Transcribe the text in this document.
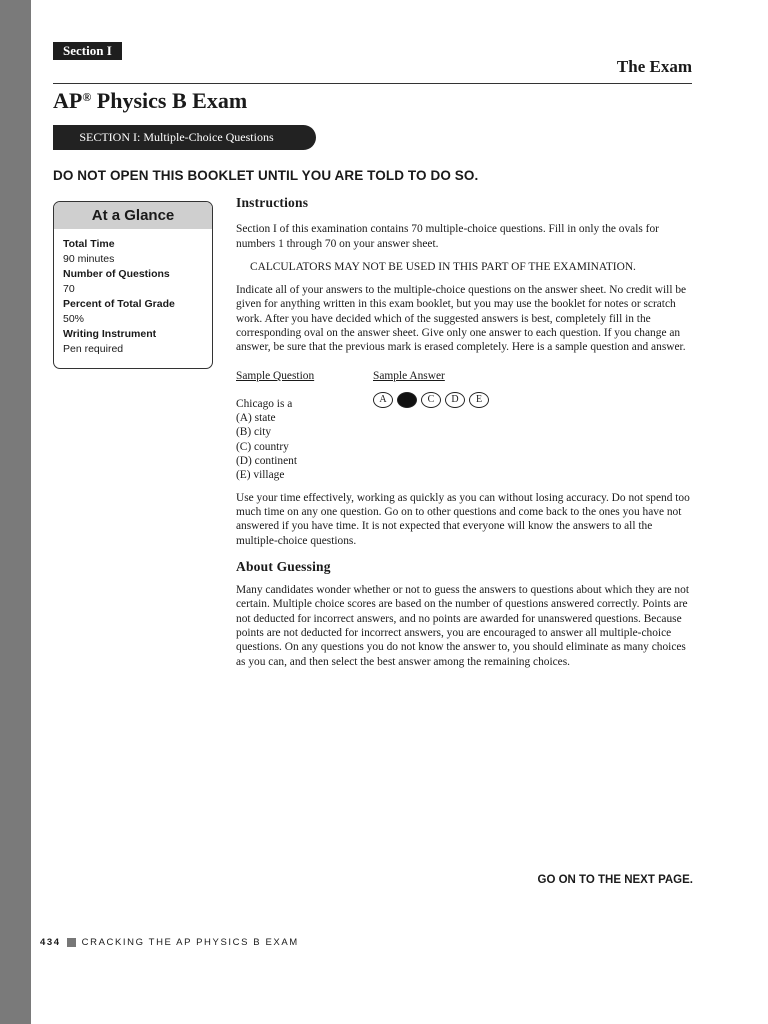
Section I
The Exam
AP® Physics B Exam
SECTION I: Multiple-Choice Questions
DO NOT OPEN THIS BOOKLET UNTIL YOU ARE TOLD TO DO SO.
At a Glance
Total Time
90 minutes
Number of Questions
70
Percent of Total Grade
50%
Writing Instrument
Pen required
Instructions

Section I of this examination contains 70 multiple-choice questions. Fill in only the ovals for numbers 1 through 70 on your answer sheet.

CALCULATORS MAY NOT BE USED IN THIS PART OF THE EXAMINATION.

Indicate all of your answers to the multiple-choice questions on the answer sheet. No credit will be given for anything written in this exam booklet, but you may use the booklet for notes or scratch work. After you have decided which of the suggested answers is best, completely fill in the corresponding oval on the answer sheet. Give only one answer to each question. If you change an answer, be sure that the previous mark is erased completely. Here is a sample question and answer.

Sample Question	Sample Answer
Chicago is a
(A) state
(B) city
(C) country
(D) continent
(E) village
A	B	C	D	E

Use your time effectively, working as quickly as you can without losing accuracy. Do not spend too much time on any one question. Go on to other questions and come back to the ones you have not answered if you have time. It is not expected that everyone will know the answers to all the multiple-choice questions.

About Guessing

Many candidates wonder whether or not to guess the answers to questions about which they are not certain. Multiple choice scores are based on the number of questions answered correctly. Points are not deducted for incorrect answers, and no points are awarded for unanswered questions. Because points are not deducted for incorrect answers, you are encouraged to answer all multiple-choice questions. On any questions you do not know the answer to, you should eliminate as many choices as you can, and then select the best answer among the remaining choices.

GO ON TO THE NEXT PAGE.
434 CRACKING THE AP PHYSICS B EXAM
